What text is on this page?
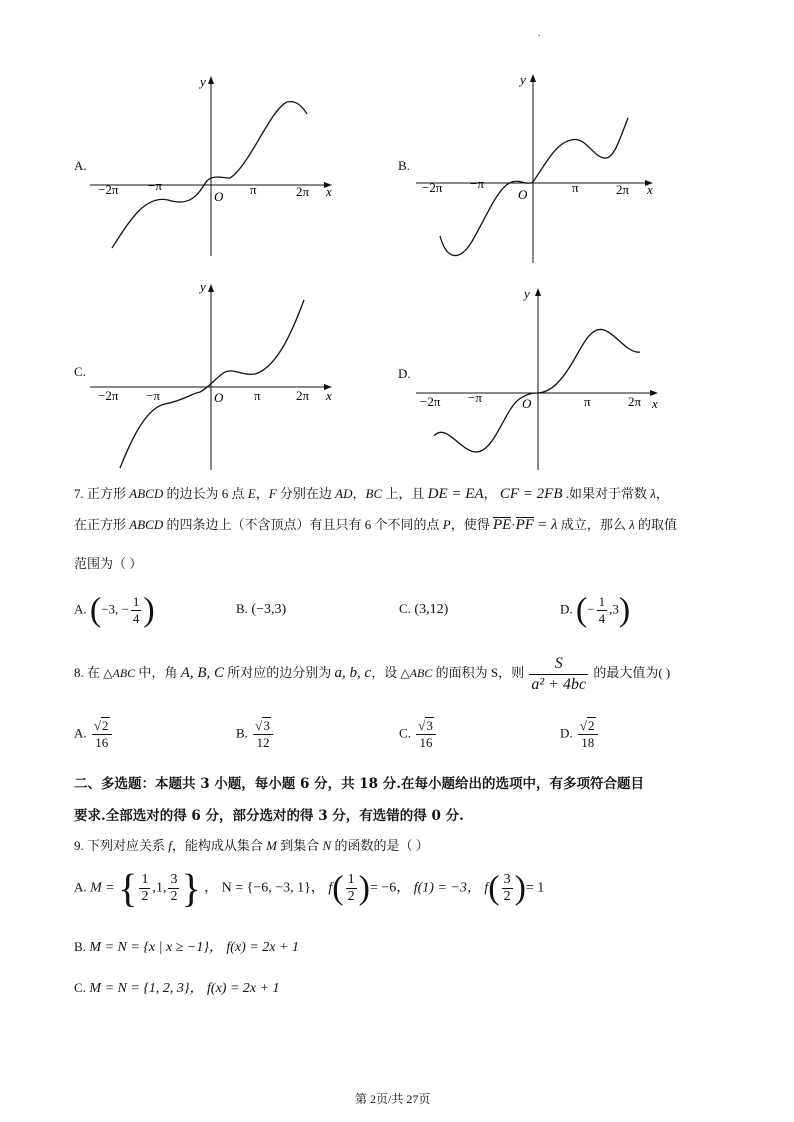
.
A.
y
x
O
−2π −π	π	2π
B.
y
x
O
−2π −π	π	2π
C.
y
x
O
−2π −π	π	2π
D.
y
x
O
−2π −π	π	2π
7. 正方形 ABCD 的边长为 6 点 E，F 分别在边 AD，BC 上，且 DE = EA， CF = 2FB .如果对于常数 λ，
在正方形 ABCD 的四条边上（不含顶点）有且只有 6 个不同的点 P，使得 PE·PF = λ 成立，那么 λ 的取值
范围为（ ）
A. (−3, − $\frac{1}{4}$ )	B. (−3,3)	C. (3,12)	D. (− $\frac{1}{4} ,3$)
8. 在 △ABC 中，角 A, B, C 所对应的边分别为 a, b, c，设 △ABC 的面积为 S，则 $\frac{S}{\text{a² + 4bc}}$ 的最大值为( )
A. $\frac{√2}{16}$	B. $\frac{√3}{12}$	C. $\frac{√3}{16}$	D. $\frac{√2}{18}$
二、多选题：本题共 3 小题，每小题 6 分，共 18 分.在每小题给出的选项中，有多项符合题目
要求.全部选对的得 6 分，部分选对的得 3 分，有选错的得 0 分.
9. 下列对应关系 f，能构成从集合 M 到集合 N 的函数的是（ ）
A. M = { $\frac{1}{2} ,1$, $\frac{3}{2}$ } ， N = {−6, −3, 1}， $f( \frac{1}{2}$ )= −6， f(1) = −3， $f( \frac{3}{2}$ )= 1
B. M = N = {x | x ≥ −1}， f(x) = 2x + 1
C. M = N = {1, 2, 3}， f(x) = 2x + 1
第 2页/共 27页
